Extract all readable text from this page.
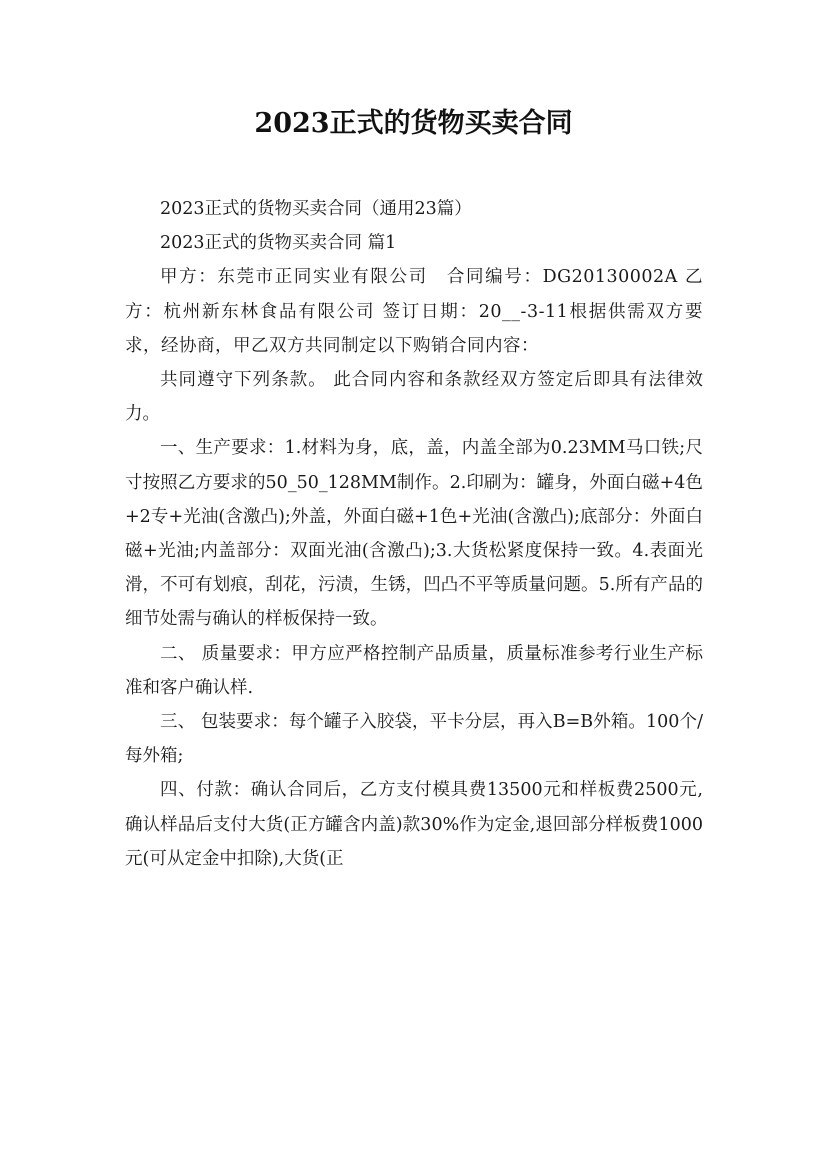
2023正式的货物买卖合同

2023正式的货物买卖合同（通用23篇）

2023正式的货物买卖合同 篇1

甲方：东莞市正同实业有限公司　合同编号：DG20130002A 乙方：杭州新东林食品有限公司 签订日期：20__-3-11根据供需双方要求，经协商，甲乙双方共同制定以下购销合同内容：

共同遵守下列条款。 此合同内容和条款经双方签定后即具有法律效力。

一、生产要求：1.材料为身，底，盖，内盖全部为0.23MM马口铁;尺寸按照乙方要求的50_50_128MM制作。2.印刷为：罐身，外面白磁+4色+2专+光油(含激凸);外盖，外面白磁+1色+光油(含激凸);底部分：外面白磁+光油;内盖部分：双面光油(含激凸);3.大货松紧度保持一致。4.表面光滑，不可有划痕，刮花，污渍，生锈，凹凸不平等质量问题。5.所有产品的细节处需与确认的样板保持一致。

二、 质量要求：甲方应严格控制产品质量，质量标准参考行业生产标准和客户确认样.

三、 包装要求：每个罐子入胶袋，平卡分层，再入B=B外箱。100个/每外箱;

四、付款：确认合同后，乙方支付模具费13500元和样板费2500元,确认样品后支付大货(正方罐含内盖)款30%作为定金,退回部分样板费1000元(可从定金中扣除),大货(正
